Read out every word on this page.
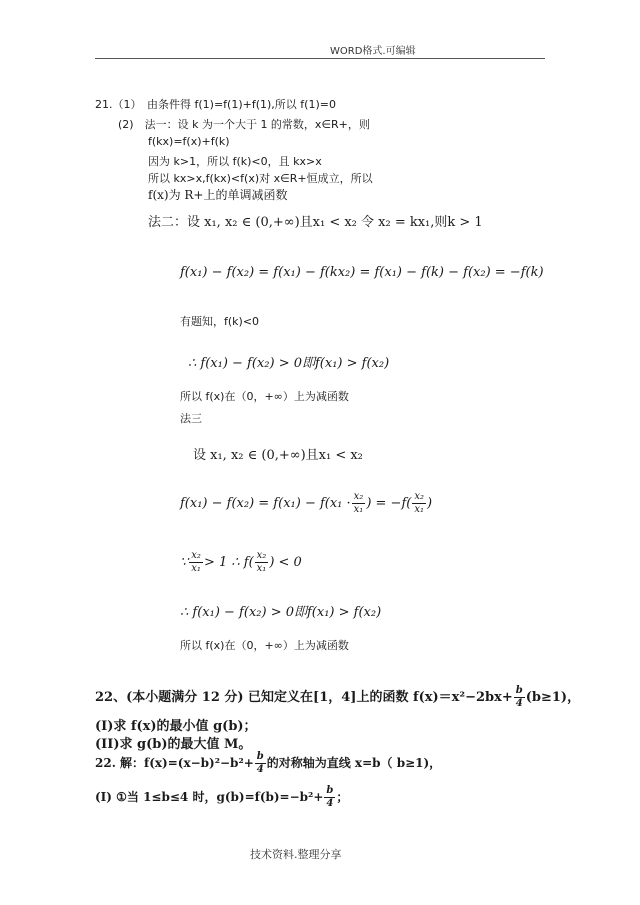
WORD格式.可编辑
21.（1）　由条件得 f(1)=f(1)+f(1),所以 f(1)=0
(2)　法一：设 k 为一个大于 1 的常数，x∈R+，则
f(kx)=f(x)+f(k)
因为 k>1，所以 f(k)<0，且 kx>x
所以 kx>x,f(kx)<f(x)对 x∈R+恒成立，所以
f(x)为 R+上的单调减函数
法二：设 x₁, x₂ ∈ (0,+∞)且x₁ < x₂ 令 x₂ = kx₁,则k > 1
f(x₁) − f(x₂) = f(x₁) − f(kx₂) = f(x₁) − f(k) − f(x₂) = −f(k)
有题知，f(k)<0
∴ f(x₁) − f(x₂) > 0即f(x₁) > f(x₂)
所以 f(x)在（0，+∞）上为减函数
法三
设 x₁, x₂ ∈ (0,+∞)且x₁ < x₂
$f(x_1) - f(x_2) = f(x_1) - f(x_1 \cdot \frac{\text{x₂}}{\text{x₁}}$ ) = $-f( \frac{\text{x₂}}{\text{x₁}}$ )
∵ $\frac{\text{x₂}}{\text{x₁}} > 1$ ∴ $f( \frac{\text{x₂}}{\text{x₁}}$ ) < 0
∴ f(x₁) − f(x₂) > 0即f(x₁) > f(x₂)
所以 f(x)在（0，+∞）上为减函数
22、(本小题满分 12 分) 已知定义在[1，4]上的函数 $f(x)=x^2-2bx+ \frac{b}{4} (b\ge 1)$，
(I)求 f(x)的最小值 g(b)；
(II)求 g(b)的最大值 M。
22. 解：$f(x)=(x-b)^2-b^2+ \frac{b}{4}$ 的对称轴为直线 x=b（ b≥1)，
(I) ①当 1≤b≤4 时，$g(b)=f(b)=-b^2+ \frac{b}{4}$ ；
技术资料.整理分享
